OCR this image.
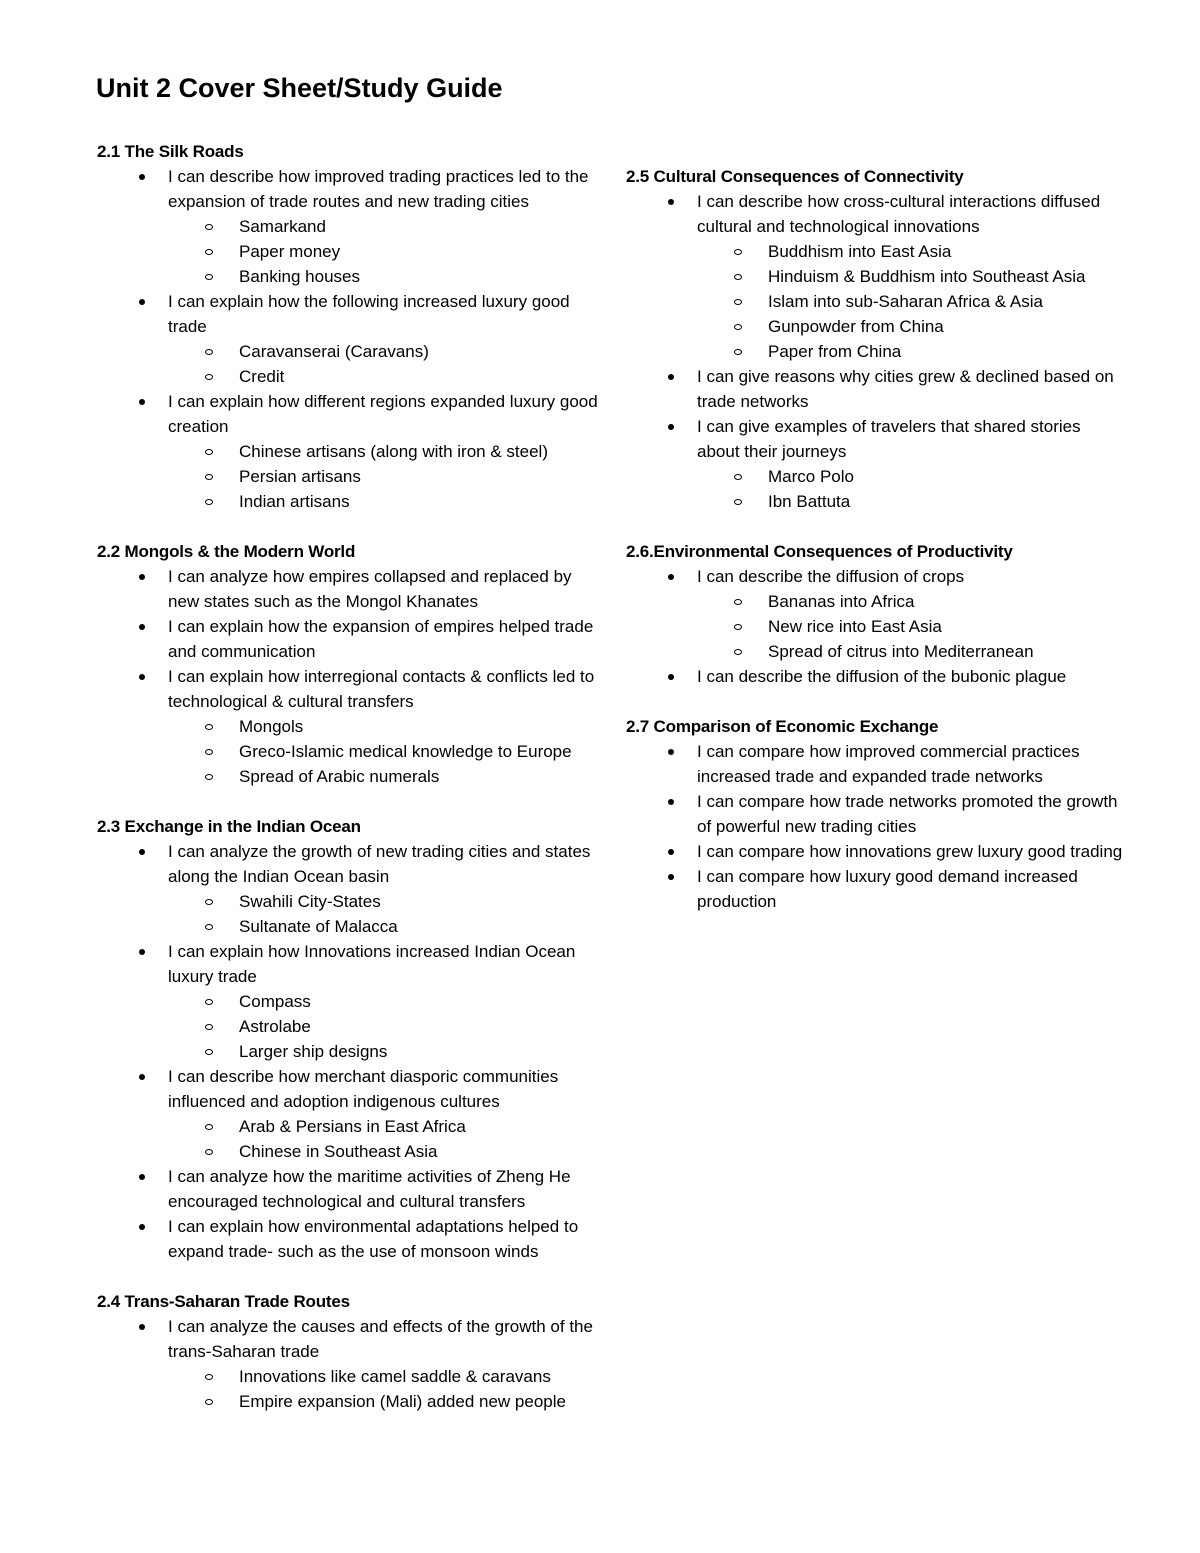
Unit 2 Cover Sheet/Study Guide
2.1 The Silk Roads
I can describe how improved trading practices led to the expansion of trade routes and new trading cities
Samarkand
Paper money
Banking houses
I can explain how the following increased luxury good trade
Caravanserai (Caravans)
Credit
I can explain how different regions expanded luxury good creation
Chinese artisans (along with iron & steel)
Persian artisans
Indian artisans
2.2 Mongols & the Modern World
I can analyze how empires collapsed and replaced by new states such as the Mongol Khanates
I can explain how the expansion of empires helped trade and communication
I can explain how interregional contacts & conflicts led to technological & cultural transfers
Mongols
Greco-Islamic medical knowledge to Europe
Spread of Arabic numerals
2.3 Exchange in the Indian Ocean
I can analyze the growth of new trading cities and states along the Indian Ocean basin
Swahili City-States
Sultanate of Malacca
I can explain how Innovations increased Indian Ocean luxury trade
Compass
Astrolabe
Larger ship designs
I can describe how merchant diasporic communities influenced and adoption indigenous cultures
Arab & Persians in East Africa
Chinese in Southeast Asia
I can analyze how the maritime activities of Zheng He encouraged technological and cultural transfers
I can explain how environmental adaptations helped to expand trade- such as the use of monsoon winds
2.4 Trans-Saharan Trade Routes
I can analyze the causes and effects of the growth of the trans-Saharan trade
Innovations like camel saddle & caravans
Empire expansion (Mali) added new people
2.5 Cultural Consequences of Connectivity
I can describe how cross-cultural interactions diffused cultural and technological innovations
Buddhism into East Asia
Hinduism & Buddhism into Southeast Asia
Islam into sub-Saharan Africa & Asia
Gunpowder from China
Paper from China
I can give reasons why cities grew & declined based on trade networks
I can give examples of travelers that shared stories about their journeys
Marco Polo
Ibn Battuta
2.6.Environmental Consequences of Productivity
I can describe the diffusion of crops
Bananas into Africa
New rice into East Asia
Spread of citrus into Mediterranean
I can describe the diffusion of the bubonic plague
2.7 Comparison of Economic Exchange
I can compare how improved commercial practices increased trade and expanded trade networks
I can compare how trade networks promoted the growth of powerful new trading cities
I can compare how innovations grew luxury good trading
I can compare how luxury good demand increased production
